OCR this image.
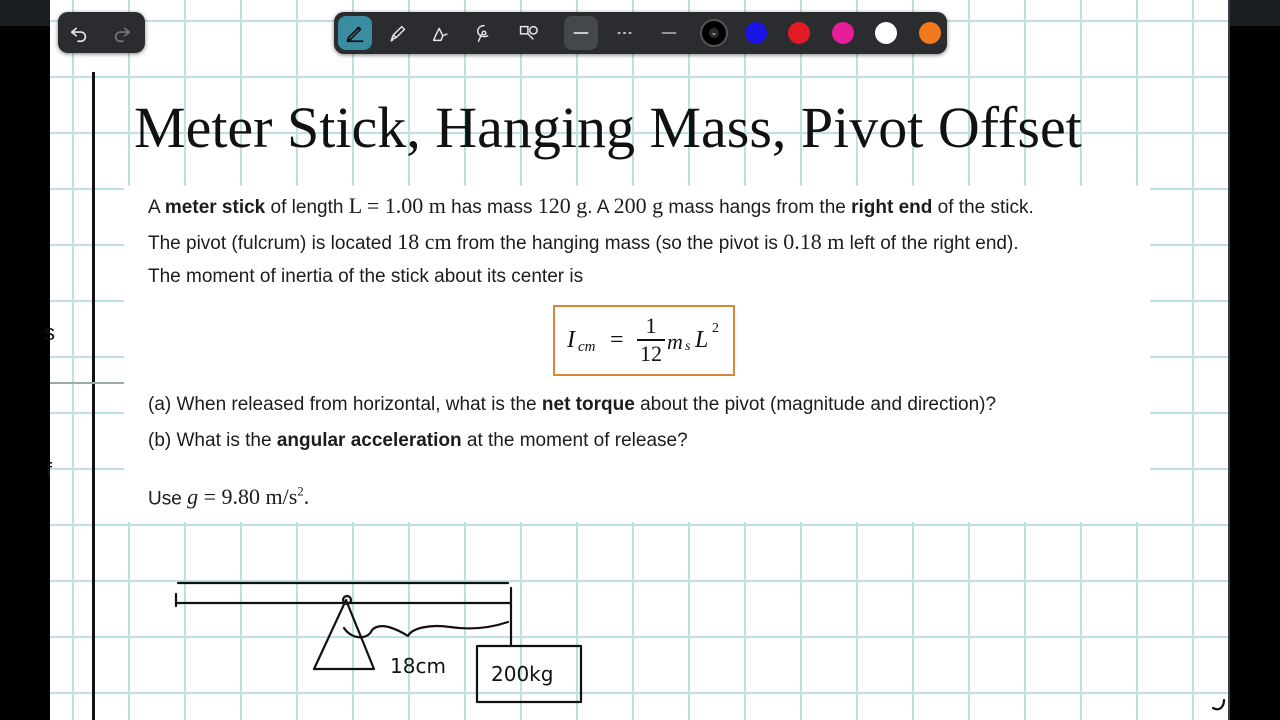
s
f
⌄
Meter Stick, Hanging Mass, Pivot Offset
A meter stick of length L = 1.00 m has mass 120 g. A 200 g mass hangs from the right end of the stick.
The pivot (fulcrum) is located 18 cm from the hanging mass (so the pivot is 0.18 m left of the right end).
The moment of inertia of the stick about its center is
I cm =
1
12 m s L 2
(a) When released from horizontal, what is the net torque about the pivot (magnitude and direction)?
(b) What is the angular acceleration at the moment of release?
Use g = 9.80 $m/s^2$.
18cm 200kg
